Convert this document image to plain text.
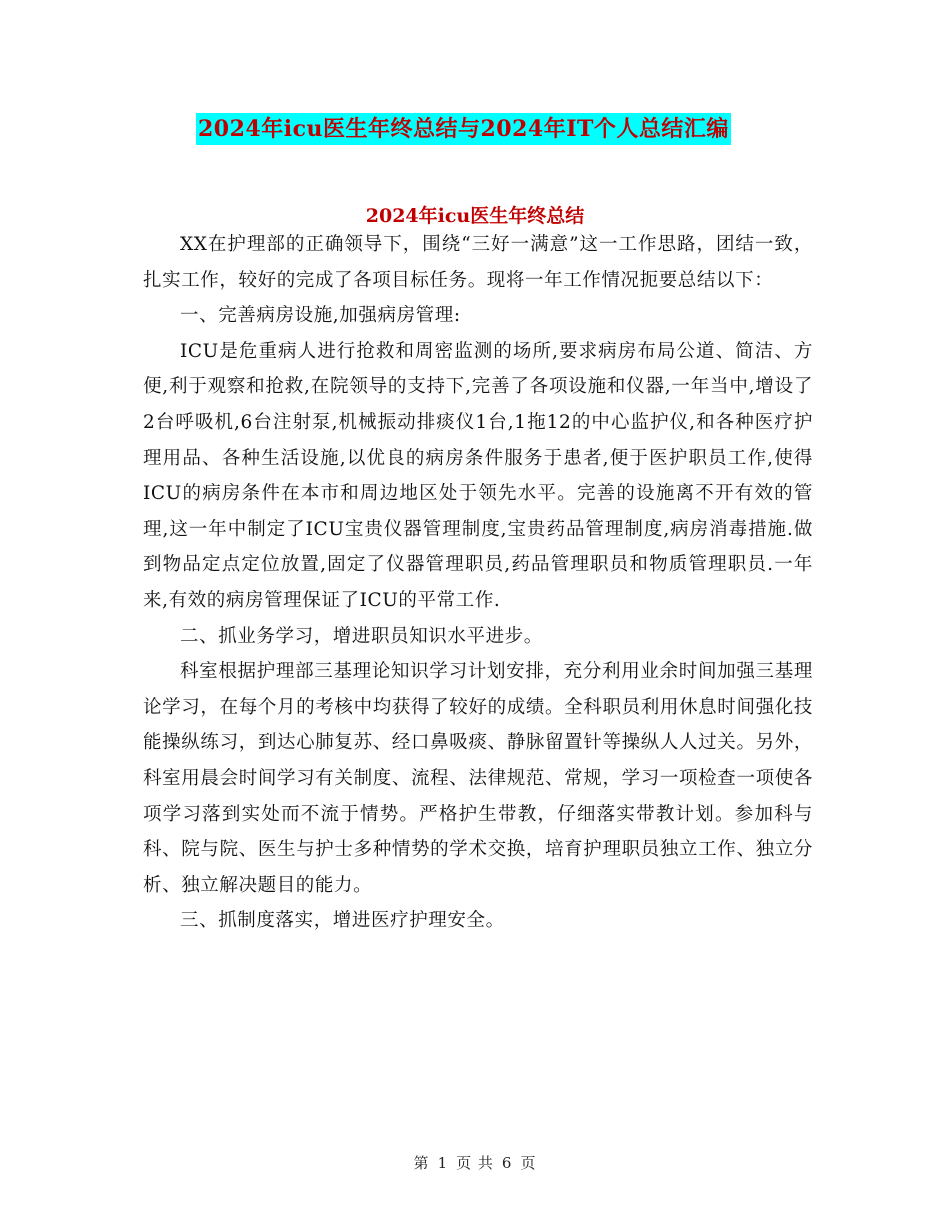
2024年icu医生年终总结与2024年IT个人总结汇编
2024年icu医生年终总结

XX在护理部的正确领导下，围绕“三好一满意”这一工作思路，团结一致，扎实工作，较好的完成了各项目标任务。现将一年工作情况扼要总结以下：

一、完善病房设施,加强病房管理:

ICU是危重病人进行抢救和周密监测的场所,要求病房布局公道、简洁、方便,利于观察和抢救,在院领导的支持下,完善了各项设施和仪器,一年当中,增设了2台呼吸机,6台注射泵,机械振动排痰仪1台,1拖12的中心监护仪,和各种医疗护理用品、各种生活设施,以优良的病房条件服务于患者,便于医护职员工作,使得ICU的病房条件在本市和周边地区处于领先水平。完善的设施离不开有效的管理,这一年中制定了ICU宝贵仪器管理制度,宝贵药品管理制度,病房消毒措施.做到物品定点定位放置,固定了仪器管理职员,药品管理职员和物质管理职员.一年来,有效的病房管理保证了ICU的平常工作.

二、抓业务学习，增进职员知识水平进步。

科室根据护理部三基理论知识学习计划安排，充分利用业余时间加强三基理论学习，在每个月的考核中均获得了较好的成绩。全科职员利用休息时间强化技能操纵练习，到达心肺复苏、经口鼻吸痰、静脉留置针等操纵人人过关。另外，科室用晨会时间学习有关制度、流程、法律规范、常规，学习一项检查一项使各项学习落到实处而不流于情势。严格护生带教，仔细落实带教计划。参加科与科、院与院、医生与护士多种情势的学术交换，培育护理职员独立工作、独立分析、独立解决题目的能力。

三、抓制度落实，增进医疗护理安全。

第 1 页 共 6 页
